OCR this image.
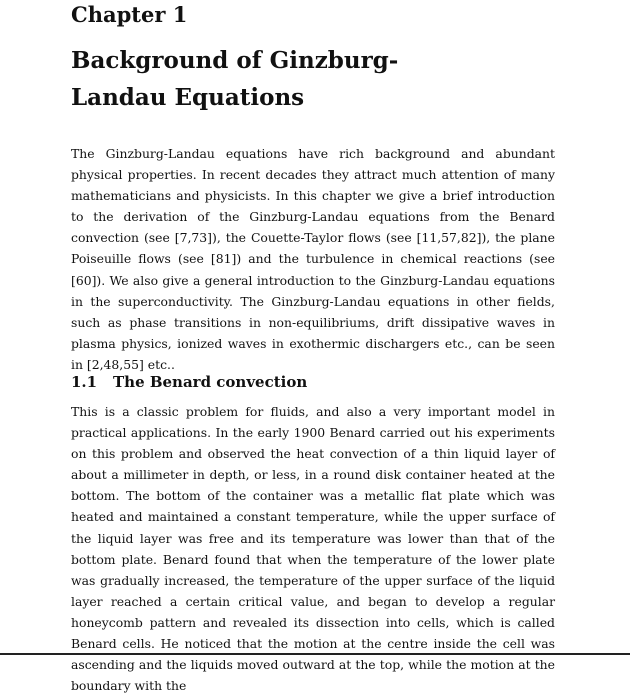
Chapter 1
Background of Ginzburg-Landau Equations

The Ginzburg-Landau equations have rich background and abundant physical properties. In recent decades they attract much attention of many mathematicians and physicists. In this chapter we give a brief introduction to the derivation of the Ginzburg-Landau equations from the Benard convection (see [7,73]), the Couette-Taylor flows (see [11,57,82]), the plane Poiseuille flows (see [81]) and the turbulence in chemical reactions (see [60]). We also give a general introduction to the Ginzburg-Landau equations in the superconductivity. The Ginzburg-Landau equations in other fields, such as phase transitions in non-equilibriums, drift dissipative waves in plasma physics, ionized waves in exothermic dischargers etc., can be seen in [2,48,55] etc..

1.1 The Benard convection

This is a classic problem for fluids, and also a very important model in practical applications. In the early 1900 Benard carried out his experiments on this problem and observed the heat convection of a thin liquid layer of about a millimeter in depth, or less, in a round disk container heated at the bottom. The bottom of the container was a metallic flat plate which was heated and maintained a constant temperature, while the upper surface of the liquid layer was free and its temperature was lower than that of the bottom plate. Benard found that when the temperature of the lower plate was gradually increased, the temperature of the upper surface of the liquid layer reached a certain critical value, and began to develop a regular honeycomb pattern and revealed its dissection into cells, which is called Benard cells. He noticed that the motion at the centre inside the cell was ascending and the liquids moved outward at the top, while the motion at the boundary with the
